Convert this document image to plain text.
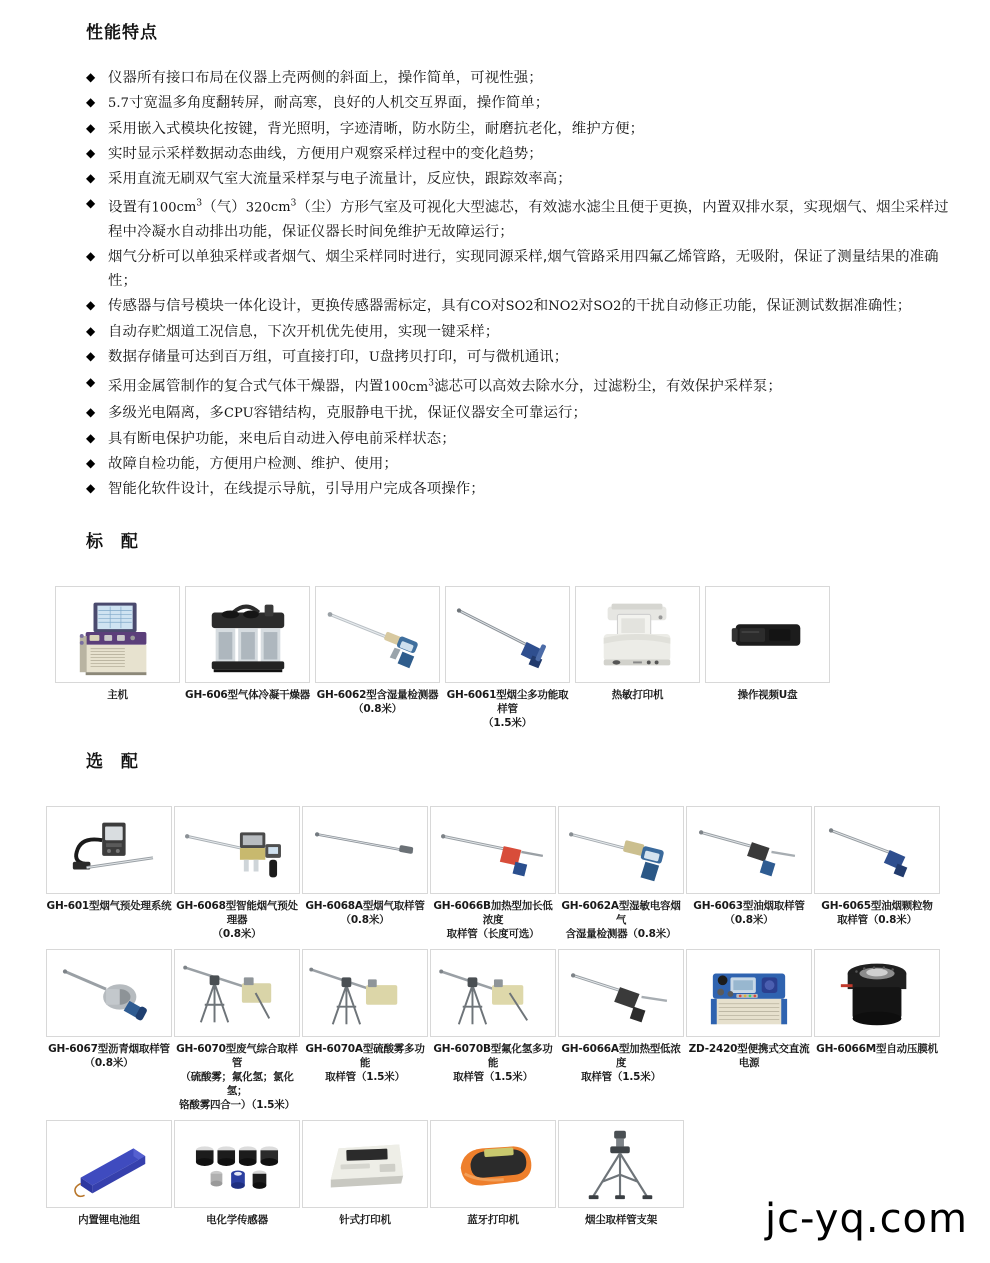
性能特点
◆ 仪器所有接口布局在仪器上壳两侧的斜面上，操作简单，可视性强；
◆ 5.7寸宽温多角度翻转屏，耐高寒，良好的人机交互界面，操作简单；
◆ 采用嵌入式模块化按键，背光照明，字迹清晰，防水防尘，耐磨抗老化，维护方便；
◆ 实时显示采样数据动态曲线，方便用户观察采样过程中的变化趋势；
◆ 采用直流无刷双气室大流量采样泵与电子流量计，反应快，跟踪效率高；
◆ 设置有$100cm^3$（气）$320cm^3$（尘）方形气室及可视化大型滤芯，有效滤水滤尘且便于更换，内置双排水泵，实现烟气、烟尘采样过程中冷凝水自动排出功能，保证仪器长时间免维护无故障运行；
◆ 烟气分析可以单独采样或者烟气、烟尘采样同时进行，实现同源采样,烟气管路采用四氟乙烯管路，无吸附，保证了测量结果的准确性；
◆ 传感器与信号模块一体化设计，更换传感器需标定，具有CO对SO2和NO2对SO2的干扰自动修正功能，保证测试数据准确性；
◆ 自动存贮烟道工况信息，下次开机优先使用，实现一键采样；
◆ 数据存储量可达到百万组，可直接打印，U盘拷贝打印，可与微机通讯；
◆ 采用金属管制作的复合式气体干燥器，内置$100cm^3$滤芯可以高效去除水分，过滤粉尘，有效保护采样泵；
◆ 多级光电隔离，多CPU容错结构，克服静电干扰，保证仪器安全可靠运行；
◆ 具有断电保护功能，来电后自动进入停电前采样状态；
◆ 故障自检功能，方便用户检测、维护、使用；
◆ 智能化软件设计，在线提示导航，引导用户完成各项操作；
标 配
主机	GH-606型气体冷凝干燥器 GH-6062型含湿量检测器
（0.8米）
GH-6061型烟尘多功能取样管
（1.5米）
热敏打印机	操作视频U盘
选 配
GH-601型烟气预处理系统 GH-6068型智能烟气预处理器
（0.8米）
GH-6068A型烟气取样管
（0.8米）
GH-6066B加热型加长低浓度
取样管（长度可选）
GH-6062A型湿敏电容烟气
含湿量检测器（0.8米）
GH-6063型油烟取样管
（0.8米）
GH-6065型油烟颗粒物
取样管（0.8米）
GH-6067型沥青烟取样管
（0.8米）
GH-6070型废气综合取样管
（硫酸雾；氟化氢；氯化氢；
铬酸雾四合一）（1.5米）
GH-6070A型硫酸雾多功能
取样管（1.5米）
GH-6070B型氟化氢多功能
取样管（1.5米）
GH-6066A型加热型低浓度
取样管（1.5米）
ZD-2420型便携式交直流电源
GH-6066M型自动压膜机
内置锂电池组	电化学传感器	针式打印机	蓝牙打印机	烟尘取样管支架	jc-yq.com
